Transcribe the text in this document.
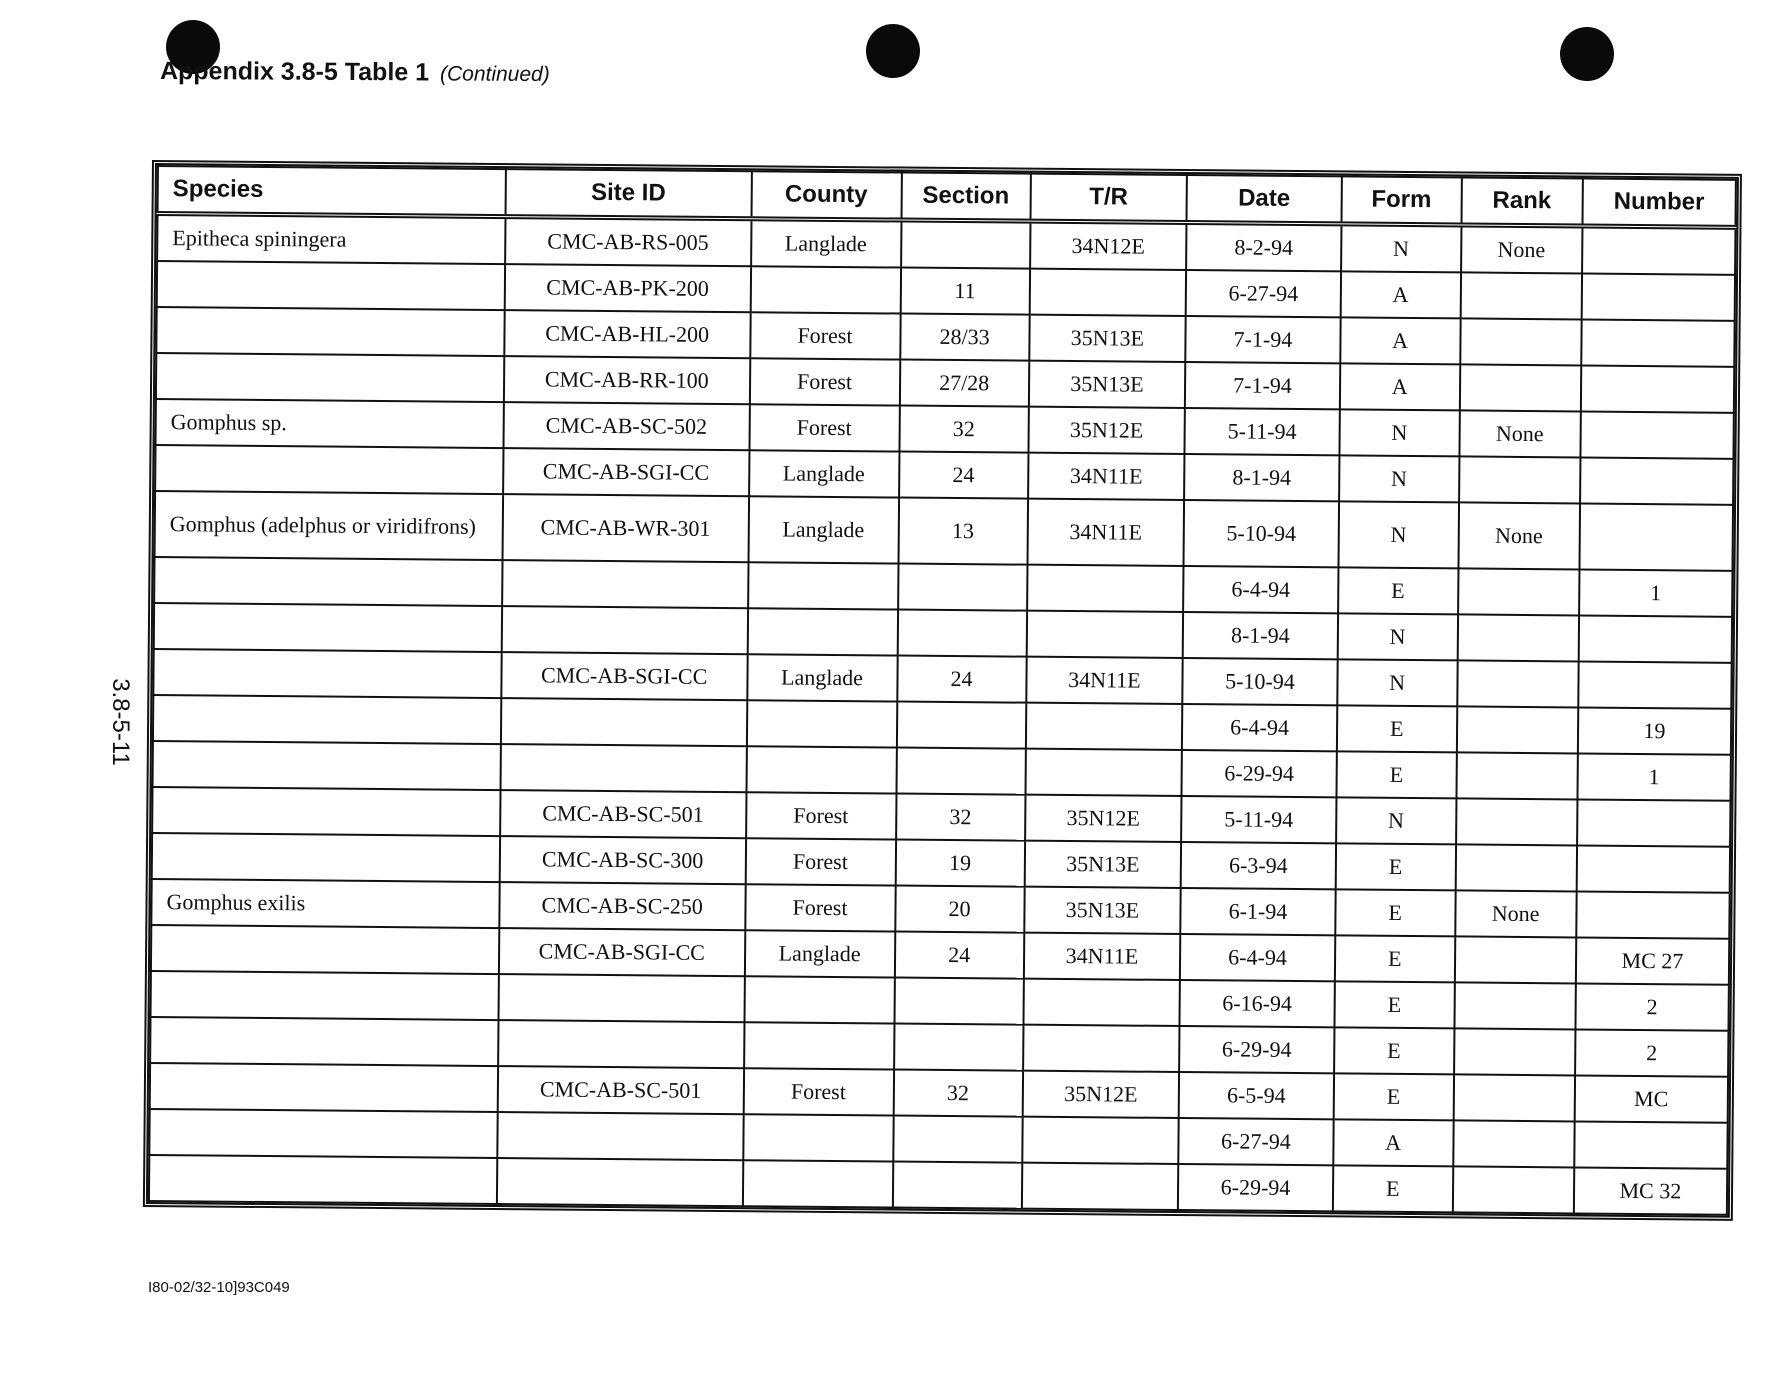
Appendix 3.8-5 Table 1 (Continued)
3.8-5-11
Species	Site ID	County	Section	T/R	Date	Form	Rank	Number
Epitheca spiningera	CMC-AB-RS-005	Langlade		34N12E	8-2-94	N	None	
	CMC-AB-PK-200		11		6-27-94	A		
	CMC-AB-HL-200	Forest	28/33	35N13E	7-1-94	A		
	CMC-AB-RR-100	Forest	27/28	35N13E	7-1-94	A		
Gomphus sp.	CMC-AB-SC-502	Forest	32	35N12E	5-11-94	N	None	
	CMC-AB-SGI-CC	Langlade	24	34N11E	8-1-94	N		
Gomphus (adelphus or viridifrons)	CMC-AB-WR-301	Langlade	13	34N11E	5-10-94	N	None	
					6-4-94	E		1
					8-1-94	N		
	CMC-AB-SGI-CC	Langlade	24	34N11E	5-10-94	N		
					6-4-94	E		19
					6-29-94	E		1
	CMC-AB-SC-501	Forest	32	35N12E	5-11-94	N		
	CMC-AB-SC-300	Forest	19	35N13E	6-3-94	E		
Gomphus exilis	CMC-AB-SC-250	Forest	20	35N13E	6-1-94	E	None	
	CMC-AB-SGI-CC	Langlade	24	34N11E	6-4-94	E		MC 27
					6-16-94	E		2
					6-29-94	E		2
	CMC-AB-SC-501	Forest	32	35N12E	6-5-94	E		MC
					6-27-94	A		
					6-29-94	E		MC 32
I80-02/32-10]93C049
